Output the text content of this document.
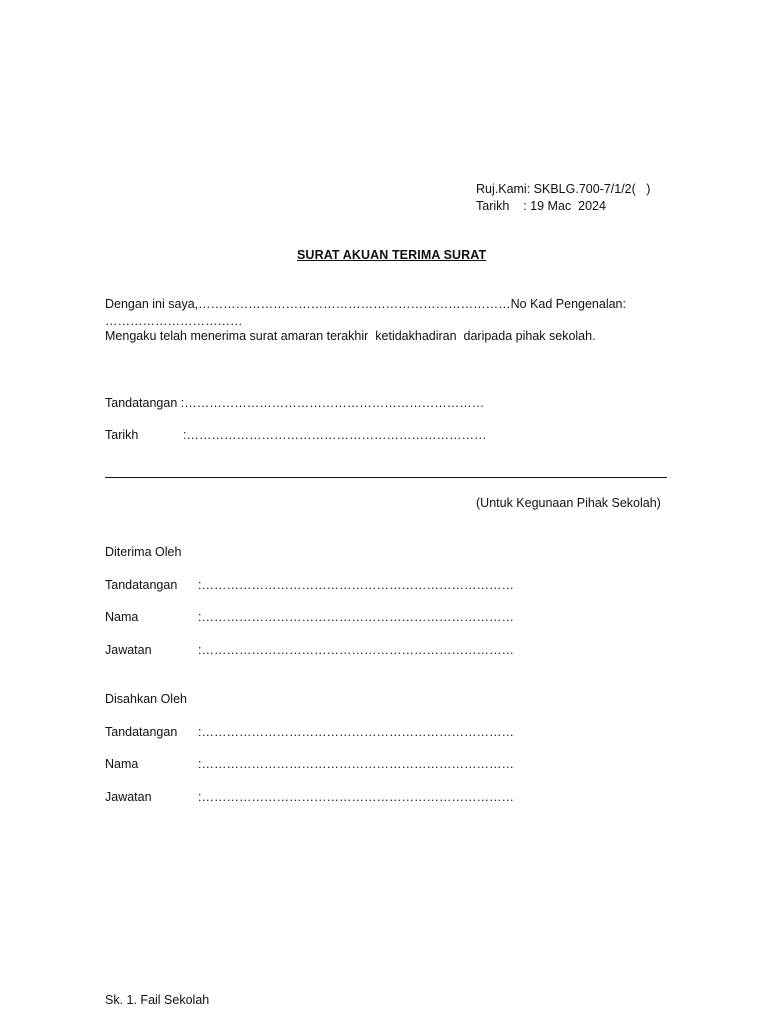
Ruj.Kami: SKBLG.700-7/1/2(   )
Tarikh    : 19 Mac  2024
SURAT AKUAN TERIMA SURAT
Dengan ini saya,…………………………………………………………………No Kad Pengenalan:
……………………………
Mengaku telah menerima surat amaran terakhir  ketidakhadiran  daripada pihak sekolah.
Tandatangan :………………………………………………………………
Tarikh	:………………………………………………………………
(Untuk Kegunaan Pihak Sekolah)
Diterima Oleh
Tandatangan :…………………………………………………………………
Nama	:…………………………………………………………………
Jawatan	:…………………………………………………………………
Disahkan Oleh
Tandatangan :…………………………………………………………………
Nama	:…………………………………………………………………
Jawatan	:…………………………………………………………………
Sk. 1. Fail Sekolah
